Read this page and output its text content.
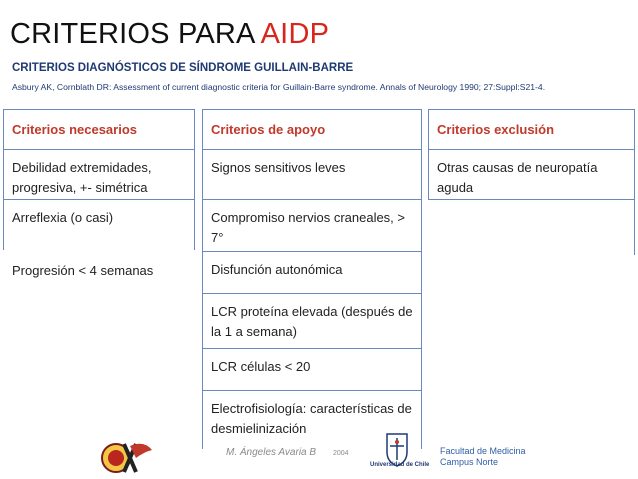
CRITERIOS PARA AIDP
CRITERIOS DIAGNÓSTICOS DE SÍNDROME GUILLAIN-BARRE
Asbury AK, Cornblath DR: Assessment of current diagnostic criteria for Guillain-Barre syndrome. Annals of Neurology 1990; 27:Suppl:S21-4.
Criterios necesarios
Debilidad extremidades, progresiva, +- simétrica
Arreflexia (o casi)
Progresión < 4 semanas
Criterios de apoyo
Signos sensitivos leves
Compromiso nervios craneales, > 7°
Disfunción autonómica
LCR proteína elevada (después de la 1 a semana)
LCR células < 20
Electrofisiología: características de desmielinización
Criterios exclusión
Otras causas de neuropatía aguda
M. Ángeles Avaria B 2004
Universidad de Chile
Facultad de Medicina
Campus Norte
